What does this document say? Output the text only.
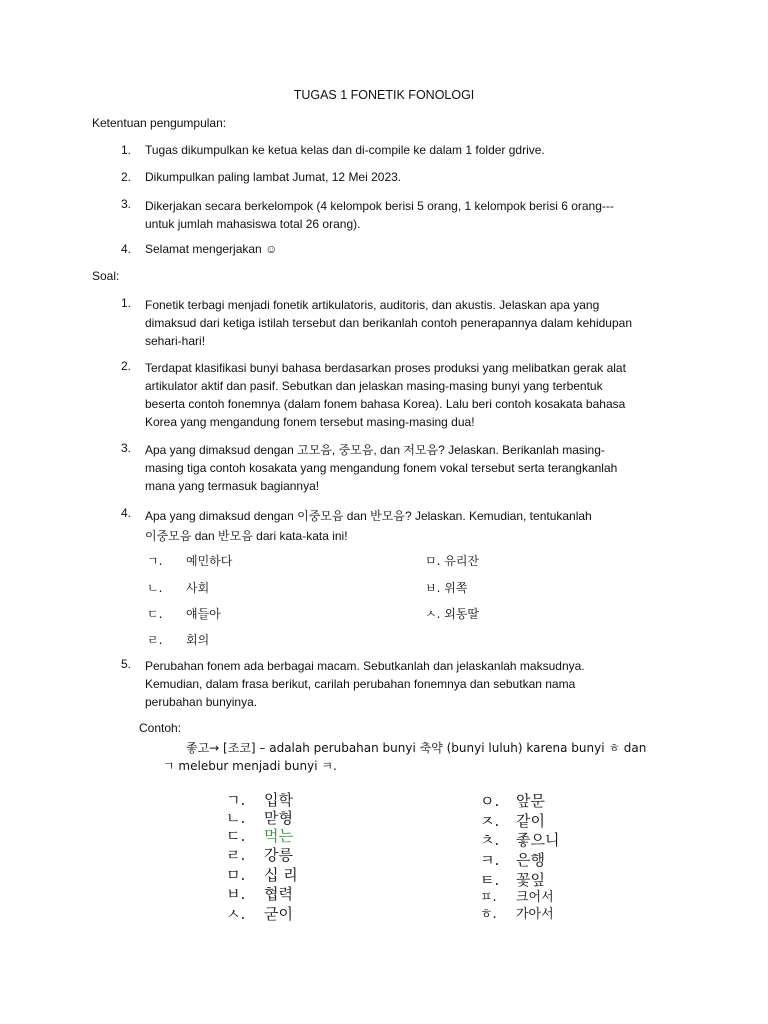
TUGAS 1 FONETIK FONOLOGI
Ketentuan pengumpulan:
1. Tugas dikumpulkan ke ketua kelas dan di-compile ke dalam 1 folder gdrive.
2. Dikumpulkan paling lambat Jumat, 12 Mei 2023.
3. Dikerjakan secara berkelompok (4 kelompok berisi 5 orang, 1 kelompok berisi 6 orang---
untuk jumlah mahasiswa total 26 orang).
4. Selamat mengerjakan ☺
Soal:
1. Fonetik terbagi menjadi fonetik artikulatoris, auditoris, dan akustis. Jelaskan apa yang
dimaksud dari ketiga istilah tersebut dan berikanlah contoh penerapannya dalam kehidupan
sehari-hari!
2. Terdapat klasifikasi bunyi bahasa berdasarkan proses produksi yang melibatkan gerak alat
artikulator aktif dan pasif. Sebutkan dan jelaskan masing-masing bunyi yang terbentuk
beserta contoh fonemnya (dalam fonem bahasa Korea). Lalu beri contoh kosakata bahasa
Korea yang mengandung fonem tersebut masing-masing dua!
3. Apa yang dimaksud dengan 고모음, 중모음, dan 저모음? Jelaskan. Berikanlah masing-
masing tiga contoh kosakata yang mengandung fonem vokal tersebut serta terangkanlah
mana yang termasuk bagiannya!
4. Apa yang dimaksud dengan 이중모음 dan 반모음? Jelaskan. Kemudian, tentukanlah
이중모음 dan 반모음 dari kata-kata ini!
ㄱ. 예민하다
ㄴ. 사회
ㄷ. 얘들아
ㄹ. 회의
ㅁ. 유리잔
ㅂ. 위쪽
ㅅ. 외동딸
5. Perubahan fonem ada berbagai macam. Sebutkanlah dan jelaskanlah maksudnya.
Kemudian, dalam frasa berikut, carilah perubahan fonemnya dan sebutkan nama
perubahan bunyinya.
Contoh:
좋고→ [조코] – adalah perubahan bunyi 축약 (bunyi luluh) karena bunyi ㅎ dan
ㄱ melebur menjadi bunyi ㅋ.
ㄱ. 입학
ㄴ. 맏형
ㄷ. 먹는
ㄹ. 강릉
ㅁ. 십 리
ㅂ. 협력
ㅅ. 굳이
ㅇ. 앞문
ㅈ. 같이
ㅊ. 좋으니
ㅋ. 은행
ㅌ. 꽃잎
ㅍ. 크어서
ㅎ. 가아서
